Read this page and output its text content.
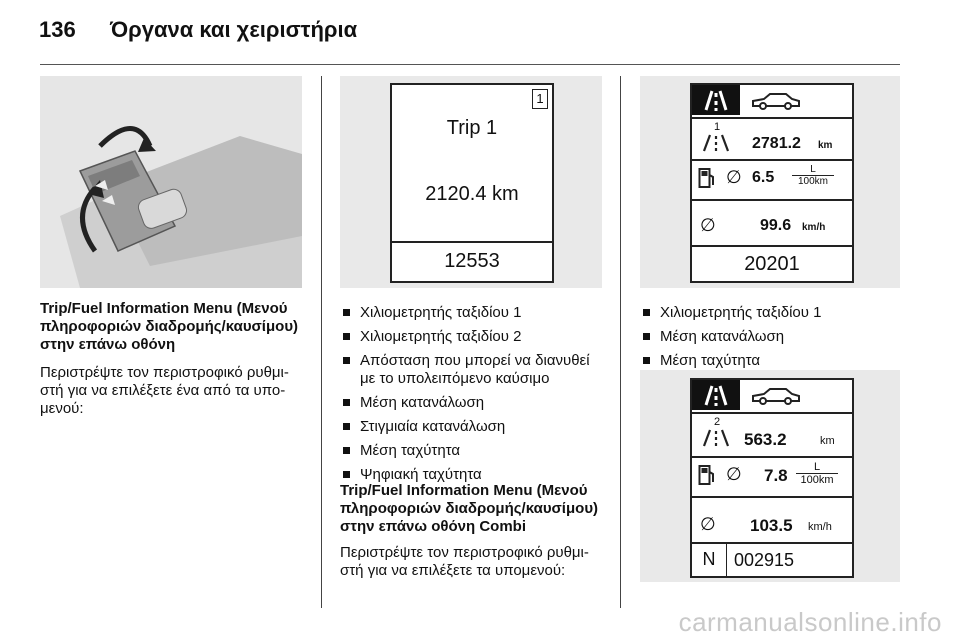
136 Όργανα και χειριστήρια
Trip/Fuel Information Menu (Μενού πληροφοριών διαδρομής/καυσίμου) στην επάνω οθόνη
Περιστρέψτε τον περιστροφικό ρυθμιστή για να επιλέξετε ένα από τα υπομενού:
1
Trip 1
2120.4 km
12553
Χιλιομετρητής ταξιδίου 1
Χιλιομετρητής ταξιδίου 2
Απόσταση που μπορεί να διανυθεί με το υπολειπόμενο καύσιμο
Μέση κατανάλωση
Στιγμιαία κατανάλωση
Μέση ταχύτητα
Ψηφιακή ταχύτητα
Trip/Fuel Information Menu (Μενού πληροφοριών διαδρομής/καυσίμου) στην επάνω οθόνη Combi
Περιστρέψτε τον περιστροφικό ρυθμιστή για να επιλέξετε τα υπομενού:
1
2781.2 km
∅ $6.5 \frac{L}{100km}$
∅	99.6 km/h
20201
Χιλιομετρητής ταξιδίου 1
Μέση κατανάλωση
Μέση ταχύτητα
2
563.2	km
∅ $7.8 \frac{L}{100km}$
∅ 103.5 km/h
N	002915
carmanualsonline.info
